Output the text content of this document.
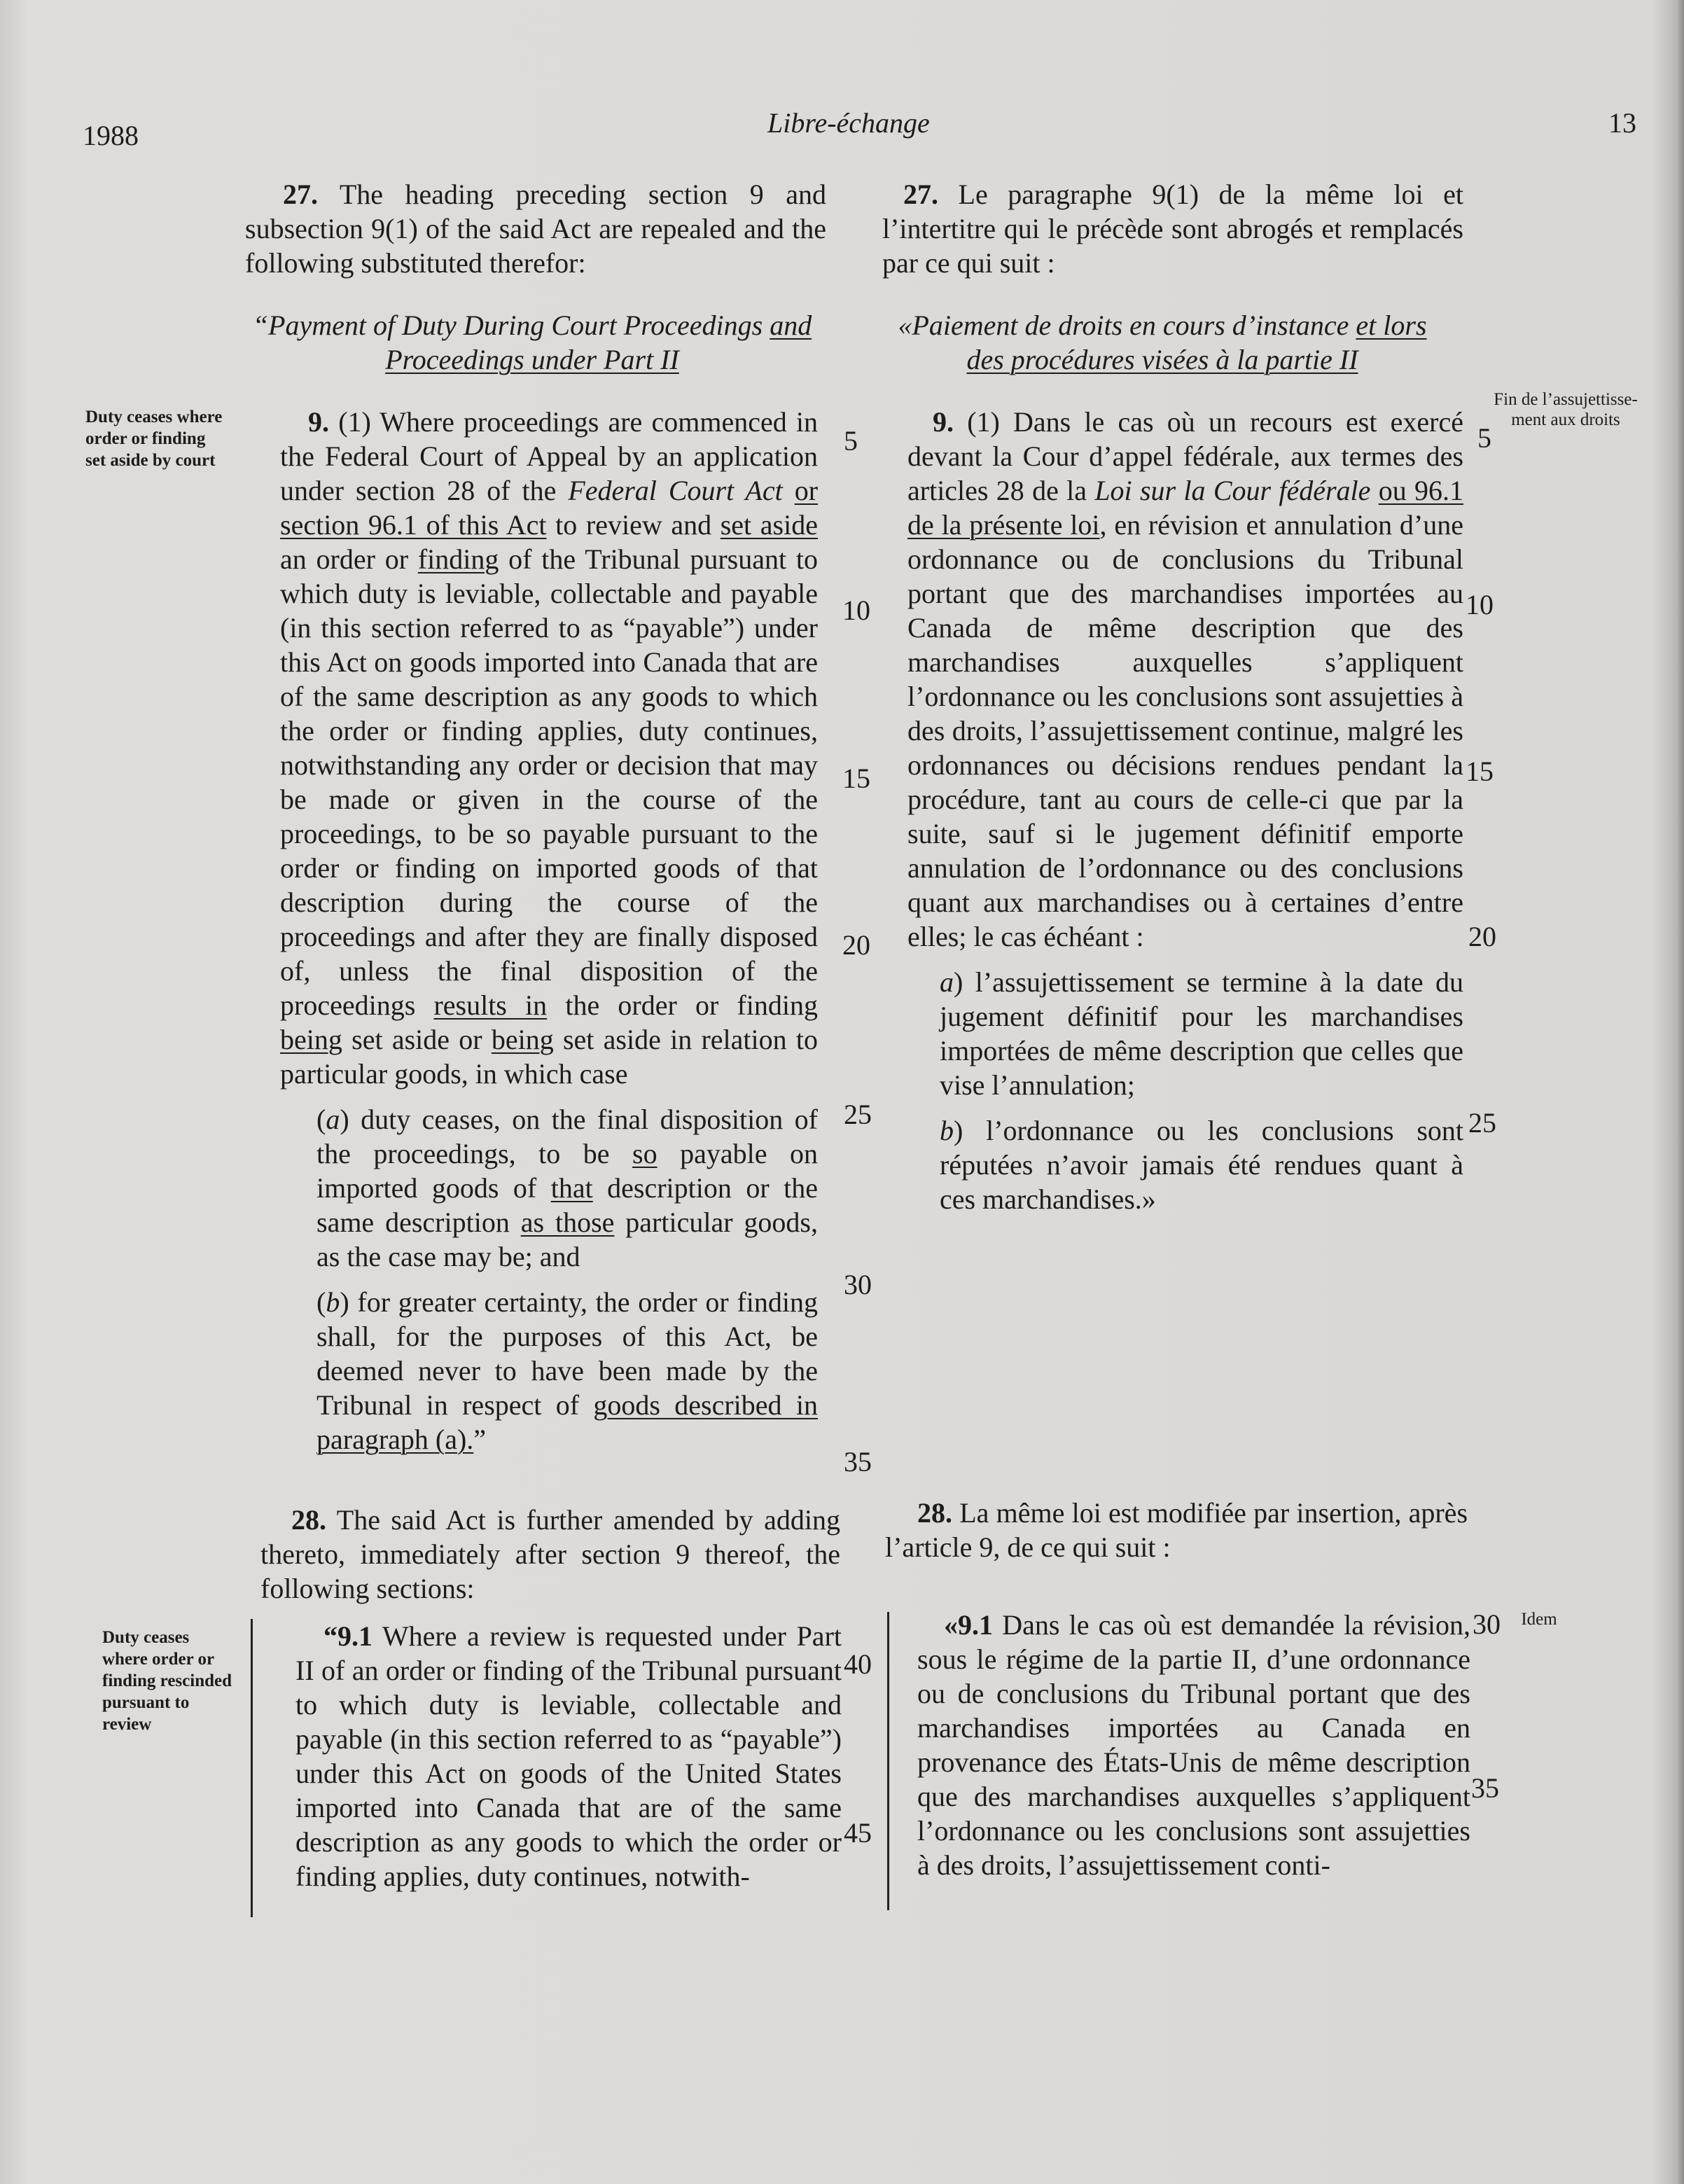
1988	Libre-échange	13
Duty ceases where order or finding set aside by court
Duty ceases where order or finding rescinded pursuant to review
Fin de l’assujettisse-ment aux droits
Idem

27. The heading preceding section 9 and subsection 9(1) of the said Act are repealed and the following substituted therefor:

“Payment of Duty During Court Proceedings and Proceedings under Part II

9. (1) Where proceedings are commenced in the Federal Court of Appeal by an application under section 28 of the Federal Court Act or section 96.1 of this Act to review and set aside an order or finding of the Tribunal pursuant to which duty is leviable, collectable and payable (in this section referred to as “payable”) under this Act on goods imported into Canada that are of the same description as any goods to which the order or finding applies, duty continues, notwithstanding any order or decision that may be made or given in the course of the proceedings, to be so payable pursuant to the order or finding on imported goods of that description during the course of the proceedings and after they are finally disposed of, unless the final disposition of the proceedings results in the order or finding being set aside or being set aside in relation to particular goods, in which case

(a) duty ceases, on the final disposition of the proceedings, to be so payable on imported goods of that description or the same description as those particular goods, as the case may be; and

(b) for greater certainty, the order or finding shall, for the purposes of this Act, be deemed never to have been made by the Tribunal in respect of goods described in paragraph (a).”

28. The said Act is further amended by adding thereto, immediately after section 9 thereof, the following sections:

“9.1 Where a review is requested under Part II of an order or finding of the Tribunal pursuant to which duty is leviable, collectable and payable (in this section referred to as “payable”) under this Act on goods of the United States imported into Canada that are of the same description as any goods to which the order or finding applies, duty continues, notwith-

27. Le paragraphe 9(1) de la même loi et l’intertitre qui le précède sont abrogés et remplacés par ce qui suit :

«Paiement de droits en cours d’instance et lors des procédures visées à la partie II

9. (1) Dans le cas où un recours est exercé devant la Cour d’appel fédérale, aux termes des articles 28 de la Loi sur la Cour fédérale ou 96.1 de la présente loi, en révision et annulation d’une ordonnance ou de conclusions du Tribunal portant que des marchandises importées au Canada de même description que des marchandises auxquelles s’appliquent l’ordonnance ou les conclusions sont assujetties à des droits, l’assujettissement continue, malgré les ordonnances ou décisions rendues pendant la procédure, tant au cours de celle-ci que par la suite, sauf si le jugement définitif emporte annulation de l’ordonnance ou des conclusions quant aux marchandises ou à certaines d’entre elles; le cas échéant :

a) l’assujettissement se termine à la date du jugement définitif pour les marchandises importées de même description que celles que vise l’annulation;

b) l’ordonnance ou les conclusions sont réputées n’avoir jamais été rendues quant à ces marchandises.»

28. La même loi est modifiée par insertion, après l’article 9, de ce qui suit :

«9.1 Dans le cas où est demandée la révision, sous le régime de la partie II, d’une ordonnance ou de conclusions du Tribunal portant que des marchandises importées au Canada en provenance des États-Unis de même description que des marchandises auxquelles s’appliquent l’ordonnance ou les conclusions sont assujetties à des droits, l’assujettissement conti-

5
10
15
20
25
30
35
40
45
5
10
15
20
25
30
35
